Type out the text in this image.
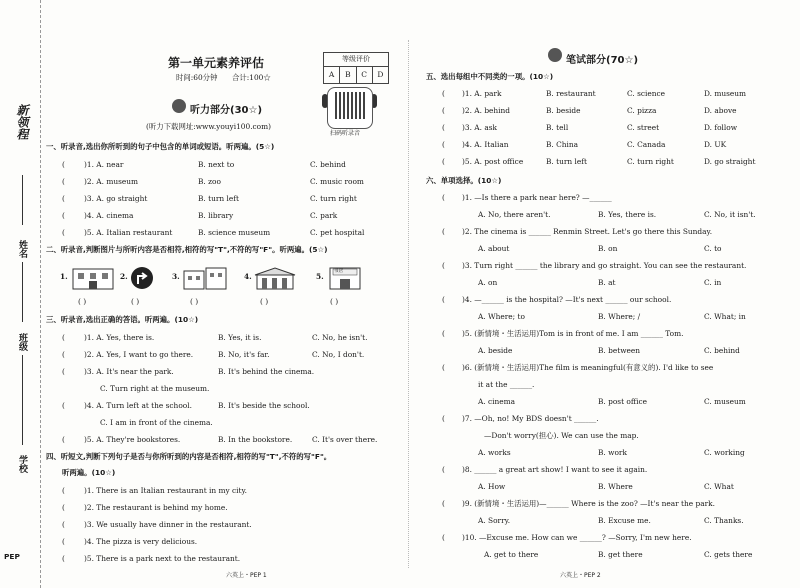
新领程
姓名
班级
学校
PEP
第一单元素养评估
时间:60分钟 合计:100☆
等级评价
A	B	C	D
扫码听录音
听力部分(30☆)
(听力下载网址:www.youyi100.com)
一、听录音,选出你所听到的句子中包含的单词或短语。听两遍。(5☆)
(	)1. A. near	B. next to	C. behind
(	)2. A. museum	B. zoo	C. music room
(	)3. A. go straight	B. turn left	C. turn right
(	)4. A. cinema	B. library	C. park
(	)5. A. Italian restaurant	B. science museum	C. pet hospital
二、听录音,判断图片与所听内容是否相符,相符的写"T",不符的写"F"。听两遍。(5☆)
1.	2.	3.	4.	5.
书店
( )	( )	( )	( )	( )
三、听录音,选出正确的答语。听两遍。(10☆)
(	)1. A. Yes, there is.	B. Yes, it is.	C. No, he isn't.
(	)2. A. Yes, I want to go there.	B. No, it's far.	C. No, I don't.
(	)3. A. It's near the park.	B. It's behind the cinema.
C. Turn right at the museum.
(	)4. A. Turn left at the school.	B. It's beside the school.
C. I am in front of the cinema.
(	)5. A. They're bookstores.	B. In the bookstore.	C. It's over there.
四、听短文,判断下列句子是否与你所听到的内容是否相符,相符的写"T",不符的写"F"。
听两遍。(10☆)
(	)1. There is an Italian restaurant in my city.
(	)2. The restaurant is behind my home.
(	)3. We usually have dinner in the restaurant.
(	)4. The pizza is very delicious.
(	)5. There is a park next to the restaurant.
六英上・PEP 1
笔试部分(70☆)
五、选出每组中不同类的一项。(10☆)
( )1. A. park	B. restaurant	C. science	D. museum
( )2. A. behind	B. beside	C. pizza	D. above
( )3. A. ask	B. tell	C. street	D. follow
( )4. A. Italian	B. China	C. Canada	D. UK
( )5. A. post office	B. turn left	C. turn right	D. go straight
六、单项选择。(10☆)
( )1. —Is there a park near here? —______
A. No, there aren't.	B. Yes, there is.	C. No, it isn't.
( )2. The cinema is ______ Renmin Street. Let's go there this Sunday.
A. about	B. on	C. to
( )3. Turn right ______ the library and go straight. You can see the restaurant.
A. on	B. at	C. in
( )4. —______ is the hospital? —It's next ______ our school.
A. Where; to	B. Where; /	C. What; in
( )5. (新情境・生活运用)Tom is in front of me. I am ______ Tom.
A. beside	B. between	C. behind
( )6. (新情境・生活运用)The film is meaningful(有意义的). I'd like to see
it at the ______.
A. cinema	B. post office	C. museum
( )7. —Oh, no! My BDS doesn't ______.
—Don't worry(担心). We can use the map.
A. works	B. work	C. working
( )8. ______ a great art show! I want to see it again.
A. How	B. Where	C. What
( )9. (新情境・生活运用)—______ Where is the zoo? —It's near the park.
A. Sorry.	B. Excuse me.	C. Thanks.
( )10. —Excuse me. How can we ______? —Sorry, I'm new here.
A. get to there	B. get there	C. gets there
六英上・PEP 2
